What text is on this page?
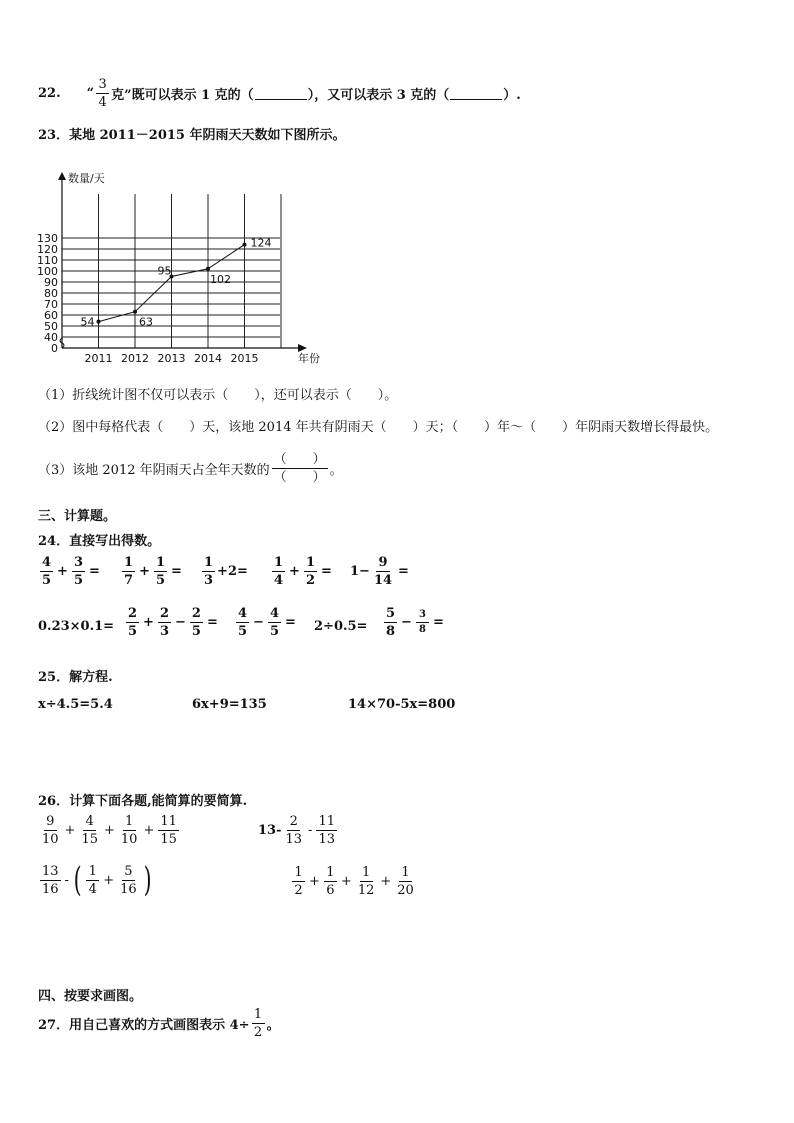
22. “ $\frac{3}{4}$ 克”既可以表示 1 克的（	），又可以表示 3 克的（	）.
23．某地 2011－2015 年阴雨天天数如下图所示。
0
40
50
60
70
80
90
100
110
120
130
数量/天
2011 2012 2013 2014 2015	年份
54	63
95
102
124
（1）折线统计图不仅可以表示（　　），还可以表示（　　）。
（2）图中每格代表（　　）天，该地 2014 年共有阴雨天（　　）天；（　　）年～（　　）年阴雨天数增长得最快。
（3）该地 2012 年阴雨天占全年天数的 $\frac{( )}{( )}$ 。
三、计算题。
24．直接写出得数。
$\frac{4}{5} + \frac{3}{5} = \frac{1}{7} + \frac{1}{5} = \frac{1}{3} +2= \frac{1}{4} + \frac{1}{2} = 1- \frac{9}{14}$ =
$0.23\times 0.1= \frac{2}{5} + \frac{2}{3} - \frac{2}{5} = \frac{4}{5} - \frac{4}{5} = 2\div 0.5= \frac{5}{8} - \frac{3}{8}$ =
25．解方程.
x÷4.5=5.4	6x+9=135	14×70-5x=800
26．计算下面各题,能简算的要简算.
$\frac{9}{10} + \frac{4}{15} + \frac{1}{10} + \frac{11}{15}$	$13- \frac{2}{13} - \frac{11}{13}$
$\frac{13}{16}$ - ( $\frac{1}{4} + \frac{5}{16}$ )	$\frac{1}{2} + \frac{1}{6} + \frac{1}{12} + \frac{1}{20}$
四、按要求画图。
27．用自己喜欢的方式画图表示 $4\div \frac{1}{2}$ 。
